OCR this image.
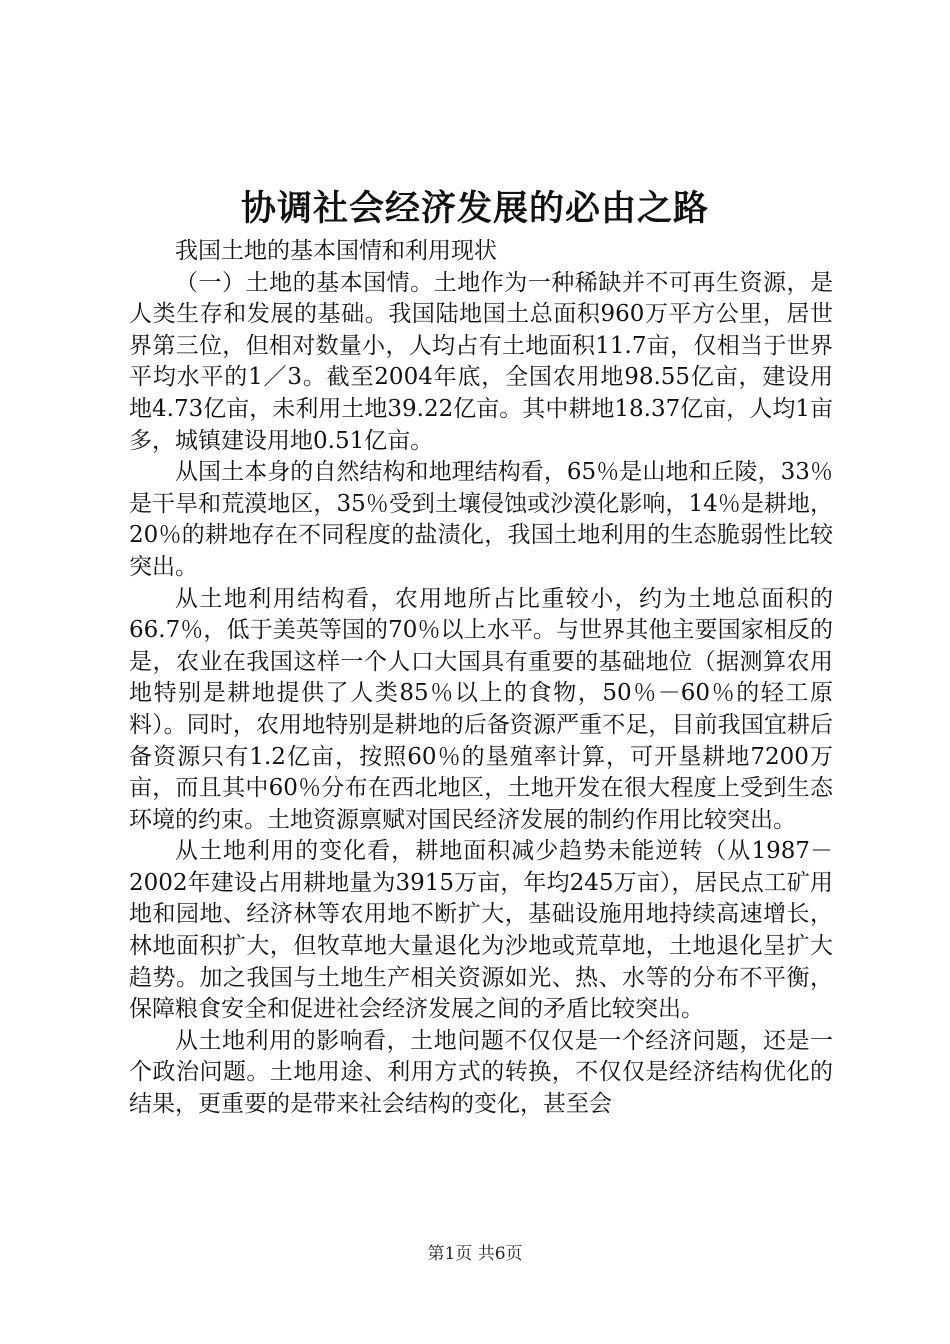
协调社会经济发展的必由之路

我国土地的基本国情和利用现状

（一）土地的基本国情。土地作为一种稀缺并不可再生资源，是人类生存和发展的基础。我国陆地国土总面积960万平方公里，居世界第三位，但相对数量小，人均占有土地面积11.7亩，仅相当于世界平均水平的1／3。截至2004年底，全国农用地98.55亿亩，建设用地4.73亿亩，未利用土地39.22亿亩。其中耕地18.37亿亩，人均1亩多，城镇建设用地0.51亿亩。

从国土本身的自然结构和地理结构看，65％是山地和丘陵，33％是干旱和荒漠地区，35％受到土壤侵蚀或沙漠化影响，14％是耕地，20％的耕地存在不同程度的盐渍化，我国土地利用的生态脆弱性比较突出。

从土地利用结构看，农用地所占比重较小，约为土地总面积的66.7％，低于美英等国的70％以上水平。与世界其他主要国家相反的是，农业在我国这样一个人口大国具有重要的基础地位（据测算农用地特别是耕地提供了人类85％以上的食物，50％－60％的轻工原料）。同时，农用地特别是耕地的后备资源严重不足，目前我国宜耕后备资源只有1.2亿亩，按照60％的垦殖率计算，可开垦耕地7200万亩，而且其中60％分布在西北地区，土地开发在很大程度上受到生态环境的约束。土地资源禀赋对国民经济发展的制约作用比较突出。

从土地利用的变化看，耕地面积减少趋势未能逆转（从1987－2002年建设占用耕地量为3915万亩，年均245万亩），居民点工矿用地和园地、经济林等农用地不断扩大，基础设施用地持续高速增长，林地面积扩大，但牧草地大量退化为沙地或荒草地，土地退化呈扩大趋势。加之我国与土地生产相关资源如光、热、水等的分布不平衡，保障粮食安全和促进社会经济发展之间的矛盾比较突出。

从土地利用的影响看，土地问题不仅仅是一个经济问题，还是一个政治问题。土地用途、利用方式的转换，不仅仅是经济结构优化的结果，更重要的是带来社会结构的变化，甚至会

第1页 共6页
